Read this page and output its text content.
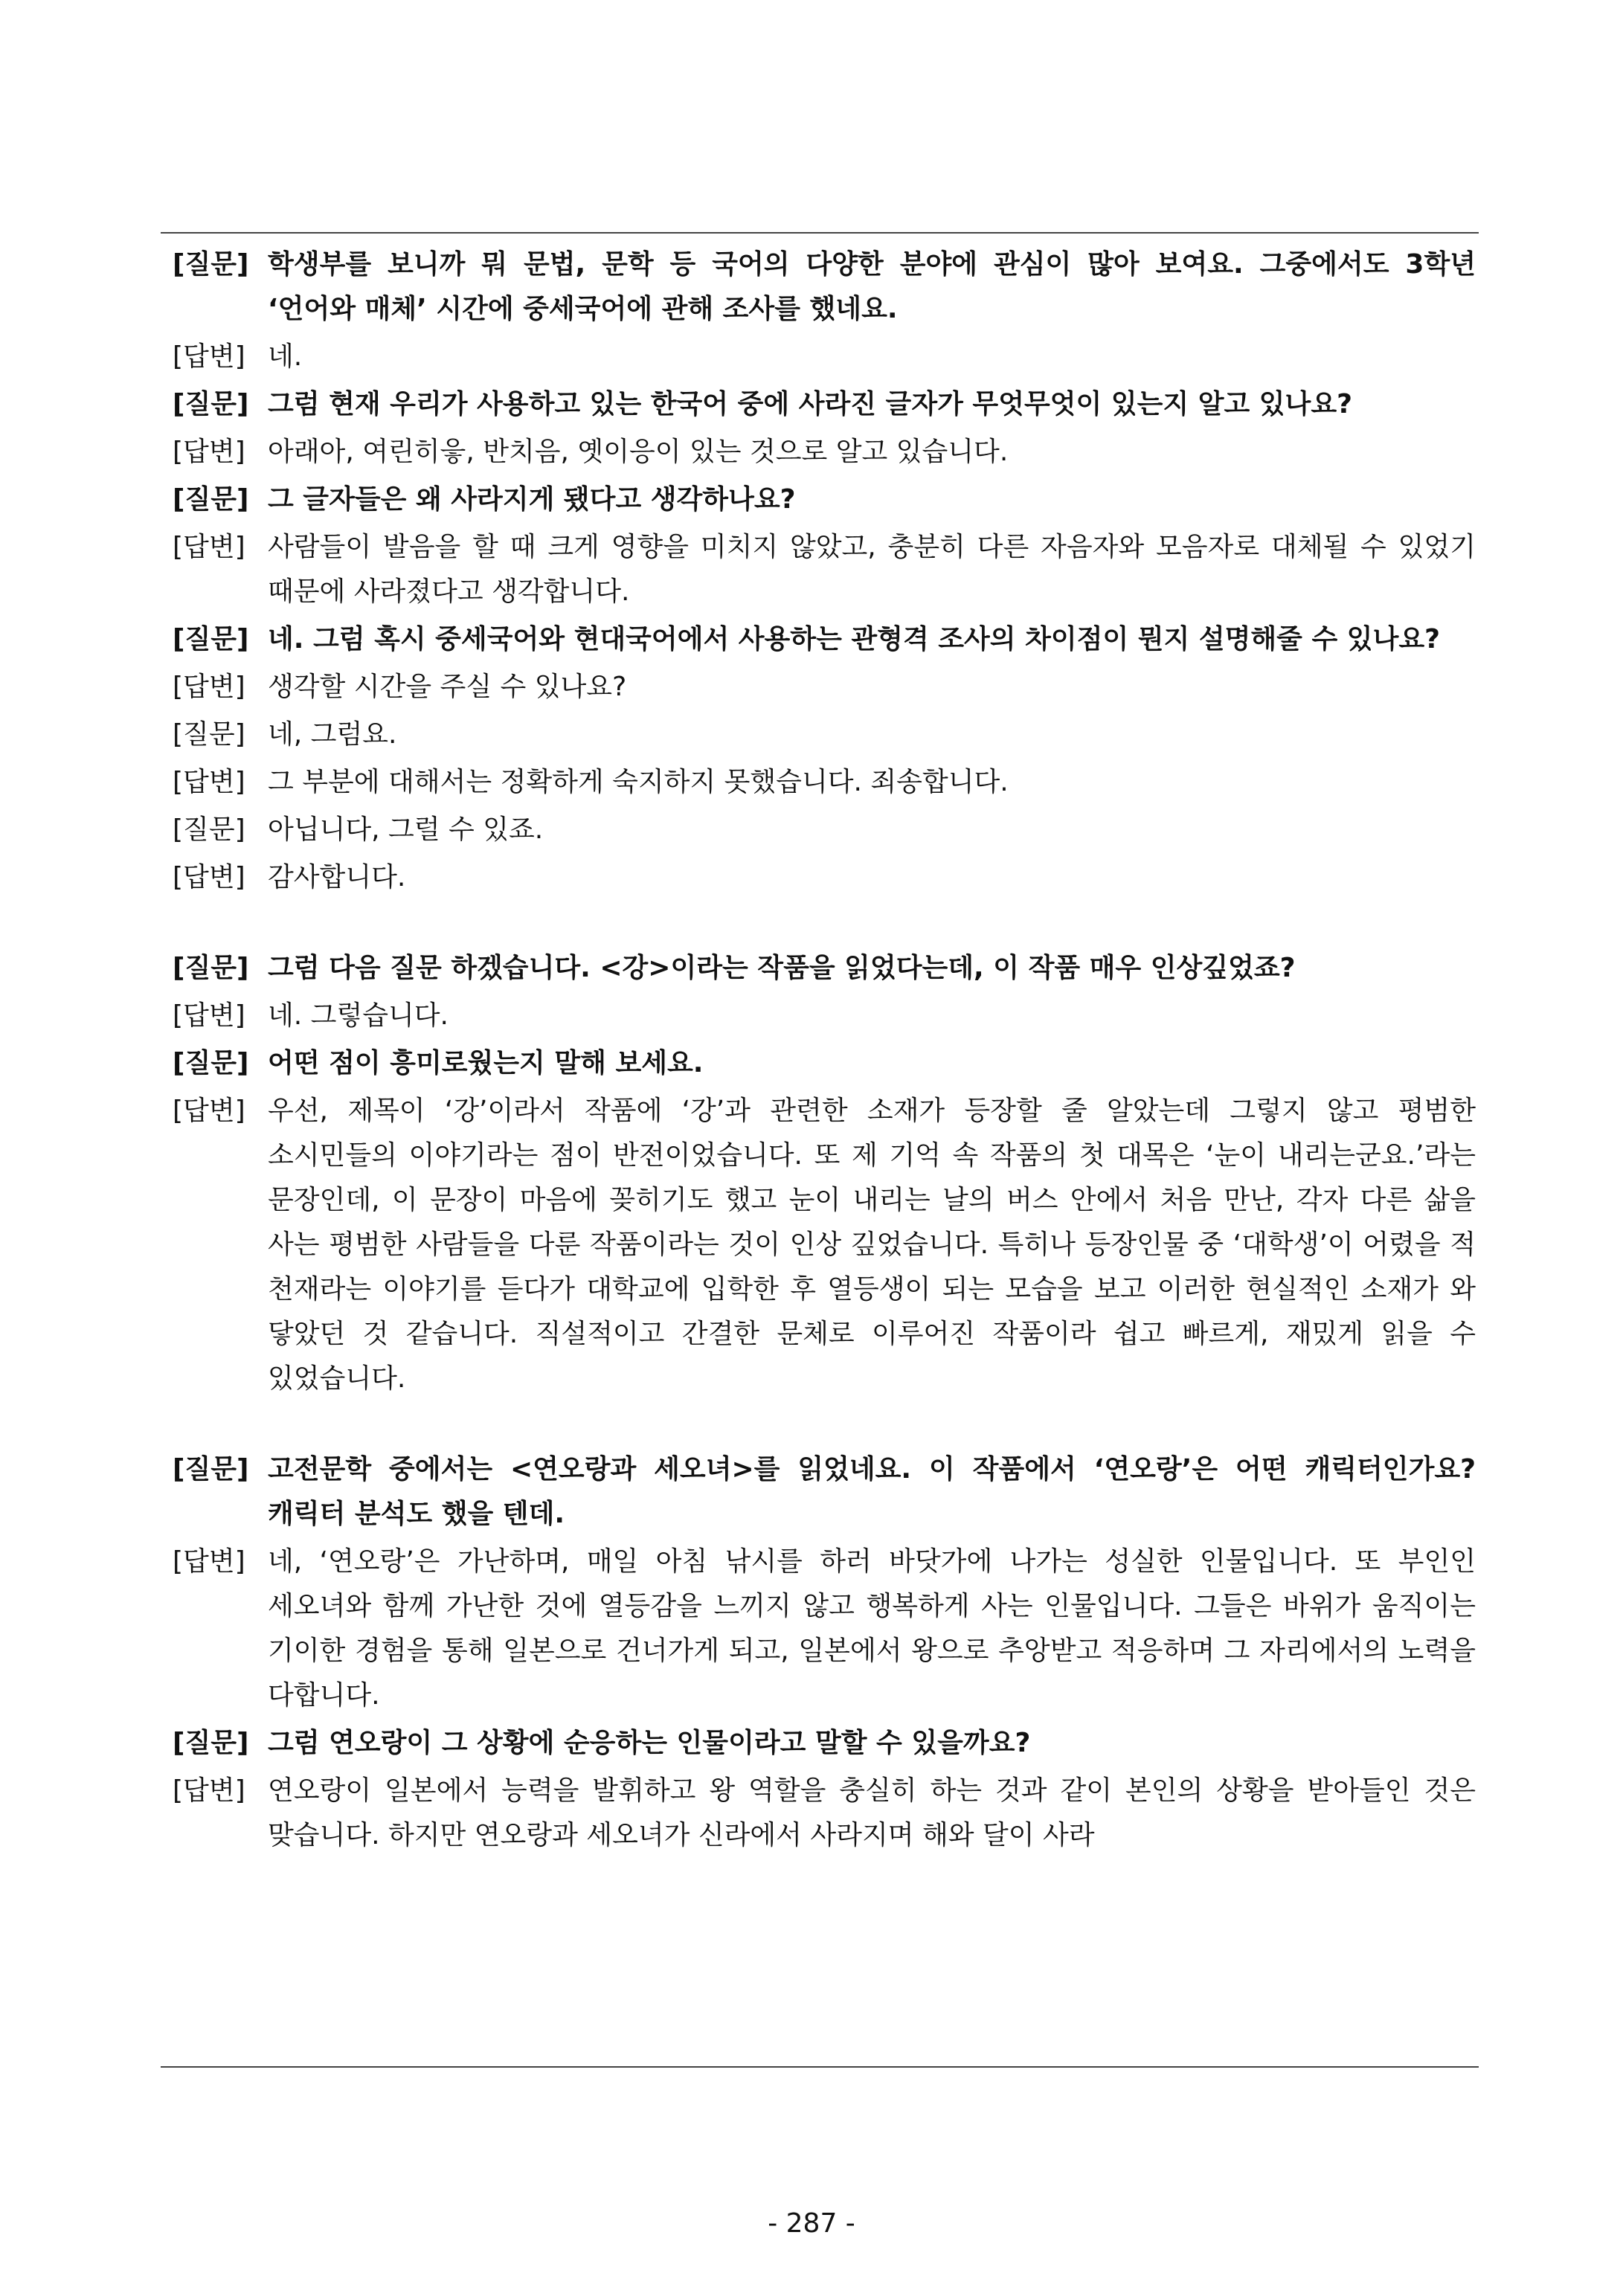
[질문] 학생부를 보니까 뭐 문법, 문학 등 국어의 다양한 분야에 관심이 많아 보여요. 그중에서도 3학년 ‘언어와 매체’ 시간에 중세국어에 관해 조사를 했네요.
[답변] 네.
[질문] 그럼 현재 우리가 사용하고 있는 한국어 중에 사라진 글자가 무엇무엇이 있는지 알고 있나요?
[답변] 아래아, 여린히읗, 반치음, 옛이응이 있는 것으로 알고 있습니다.
[질문] 그 글자들은 왜 사라지게 됐다고 생각하나요?
[답변] 사람들이 발음을 할 때 크게 영향을 미치지 않았고, 충분히 다른 자음자와 모음자로 대체될 수 있었기 때문에 사라졌다고 생각합니다.
[질문] 네. 그럼 혹시 중세국어와 현대국어에서 사용하는 관형격 조사의 차이점이 뭔지 설명해줄 수 있나요?
[답변] 생각할 시간을 주실 수 있나요?
[질문] 네, 그럼요.
[답변] 그 부분에 대해서는 정확하게 숙지하지 못했습니다. 죄송합니다.
[질문] 아닙니다, 그럴 수 있죠.
[답변] 감사합니다.
[질문] 그럼 다음 질문 하겠습니다. <강>이라는 작품을 읽었다는데, 이 작품 매우 인상깊었죠?
[답변] 네. 그렇습니다.
[질문] 어떤 점이 흥미로웠는지 말해 보세요.
[답변] 우선, 제목이 ‘강’이라서 작품에 ‘강’과 관련한 소재가 등장할 줄 알았는데 그렇지 않고 평범한 소시민들의 이야기라는 점이 반전이었습니다. 또 제 기억 속 작품의 첫 대목은 ‘눈이 내리는군요.’라는 문장인데, 이 문장이 마음에 꽂히기도 했고 눈이 내리는 날의 버스 안에서 처음 만난, 각자 다른 삶을 사는 평범한 사람들을 다룬 작품이라는 것이 인상 깊었습니다. 특히나 등장인물 중 ‘대학생’이 어렸을 적 천재라는 이야기를 듣다가 대학교에 입학한 후 열등생이 되는 모습을 보고 이러한 현실적인 소재가 와 닿았던 것 같습니다. 직설적이고 간결한 문체로 이루어진 작품이라 쉽고 빠르게, 재밌게 읽을 수 있었습니다.
[질문] 고전문학 중에서는 <연오랑과 세오녀>를 읽었네요. 이 작품에서 ‘연오랑’은 어떤 캐릭터인가요? 캐릭터 분석도 했을 텐데.
[답변] 네, ‘연오랑’은 가난하며, 매일 아침 낚시를 하러 바닷가에 나가는 성실한 인물입니다. 또 부인인 세오녀와 함께 가난한 것에 열등감을 느끼지 않고 행복하게 사는 인물입니다. 그들은 바위가 움직이는 기이한 경험을 통해 일본으로 건너가게 되고, 일본에서 왕으로 추앙받고 적응하며 그 자리에서의 노력을 다합니다.
[질문] 그럼 연오랑이 그 상황에 순응하는 인물이라고 말할 수 있을까요?
[답변] 연오랑이 일본에서 능력을 발휘하고 왕 역할을 충실히 하는 것과 같이 본인의 상황을 받아들인 것은 맞습니다. 하지만 연오랑과 세오녀가 신라에서 사라지며 해와 달이 사라
- 287 -
